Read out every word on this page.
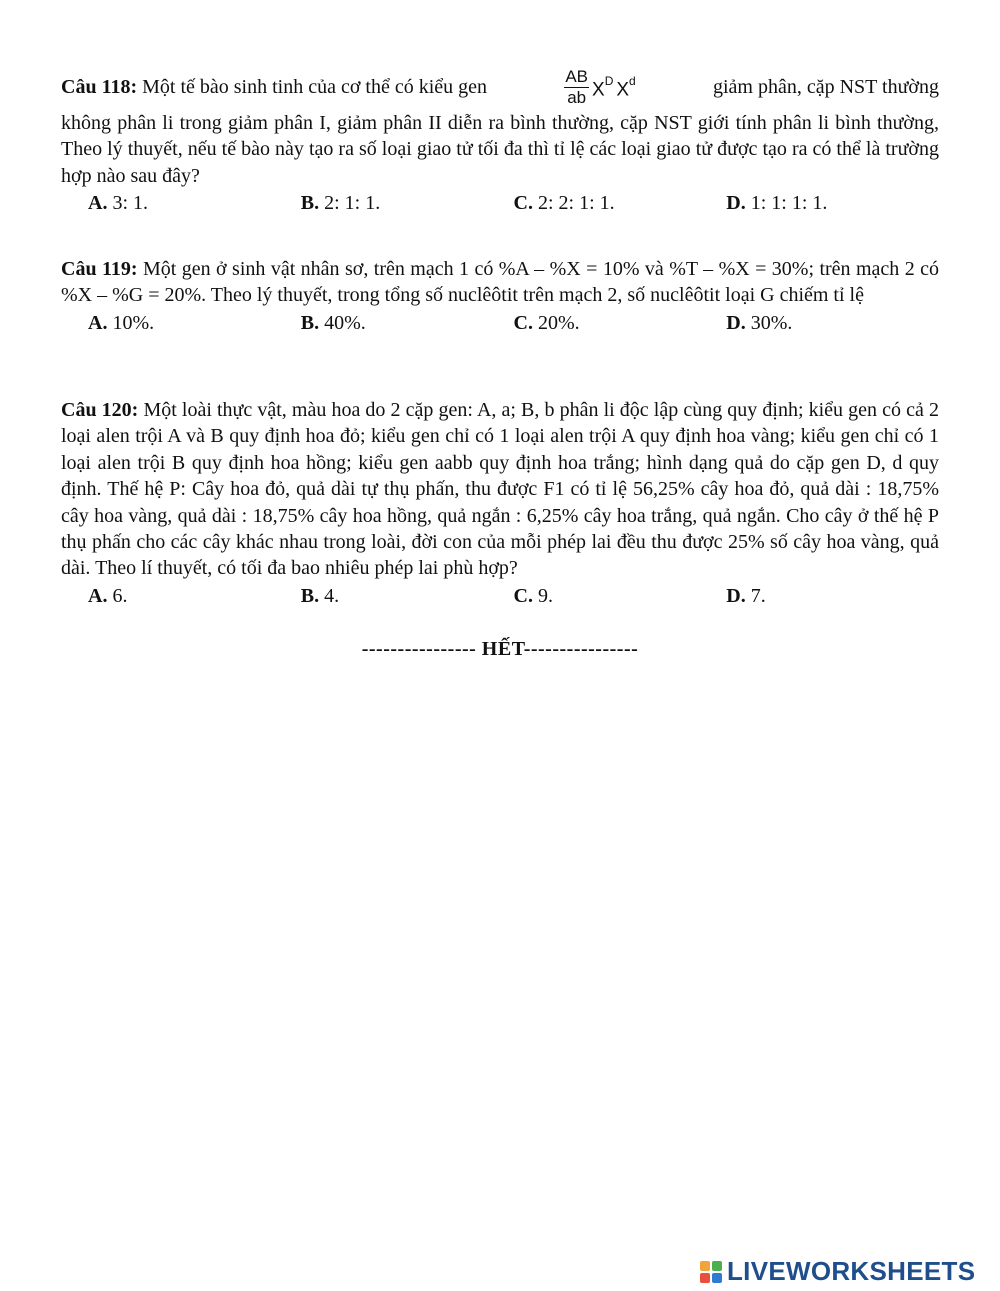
Câu 118: Một tế bào sinh tinh của cơ thể có kiểu gen	$\frac{AB}{ab} X^D$ $X^d$	giảm phân, cặp NST thường

không phân li trong giảm phân I, giảm phân II diễn ra bình thường, cặp NST giới tính phân li bình thường, Theo lý thuyết, nếu tế bào này tạo ra số loại giao tử tối đa thì tỉ lệ các loại giao tử được tạo ra có thể là trường hợp nào sau đây?

A. 3: 1.	B. 2: 1: 1.	C. 2: 2: 1: 1.	D. 1: 1: 1: 1.

Câu 119: Một gen ở sinh vật nhân sơ, trên mạch 1 có %A – %X = 10% và %T – %X = 30%; trên mạch 2 có %X – %G = 20%. Theo lý thuyết, trong tổng số nuclêôtit trên mạch 2, số nuclêôtit loại G chiếm tỉ lệ

A. 10%.	B. 40%.	C. 20%.	D. 30%.

Câu 120: Một loài thực vật, màu hoa do 2 cặp gen: A, a; B, b phân li độc lập cùng quy định; kiểu gen có cả 2 loại alen trội A và B quy định hoa đỏ; kiểu gen chỉ có 1 loại alen trội A quy định hoa vàng; kiểu gen chỉ có 1 loại alen trội B quy định hoa hồng; kiểu gen aabb quy định hoa trắng; hình dạng quả do cặp gen D, d quy định. Thế hệ P: Cây hoa đỏ, quả dài tự thụ phấn, thu được F1 có tỉ lệ 56,25% cây hoa đỏ, quả dài : 18,75% cây hoa vàng, quả dài : 18,75% cây hoa hồng, quả ngắn : 6,25% cây hoa trắng, quả ngắn. Cho cây ở thế hệ P thụ phấn cho các cây khác nhau trong loài, đời con của mỗi phép lai đều thu được 25% số cây hoa vàng, quả dài. Theo lí thuyết, có tối đa bao nhiêu phép lai phù hợp?

A. 6.	B. 4.	C. 9.	D. 7.
---------------- HẾT----------------
LIVEWORKSHEETS
